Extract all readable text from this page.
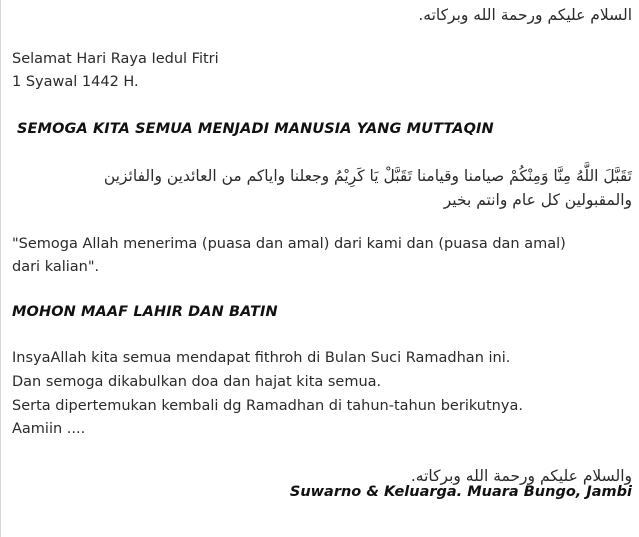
السلام عليكم ورحمة الله وبركاته.

Selamat Hari Raya Iedul Fitri

1 Syawal 1442 H.

SEMOGA KITA SEMUA MENJADI MANUSIA YANG MUTTAQIN

تَقَبَّلَ اللَّهُ مِنَّا وَمِنْكُمْ صيامنا وقيامنا تَقَبَّلْ يَا كَرِيْمُ وجعلنا واياكم من العائدين والفائزين

والمقبولين كل عام وانتم بخير

"Semoga Allah menerima (puasa dan amal) dari kami dan (puasa dan amal)

dari kalian".

MOHON MAAF LAHIR DAN BATIN

InsyaAllah kita semua mendapat fithroh di Bulan Suci Ramadhan ini.

Dan semoga dikabulkan doa dan hajat kita semua.

Serta dipertemukan kembali dg Ramadhan di tahun-tahun berikutnya.

Aamiin ....

والسلام عليكم ورحمة الله وبركاته.

Suwarno & Keluarga. Muara Bungo, Jambi
